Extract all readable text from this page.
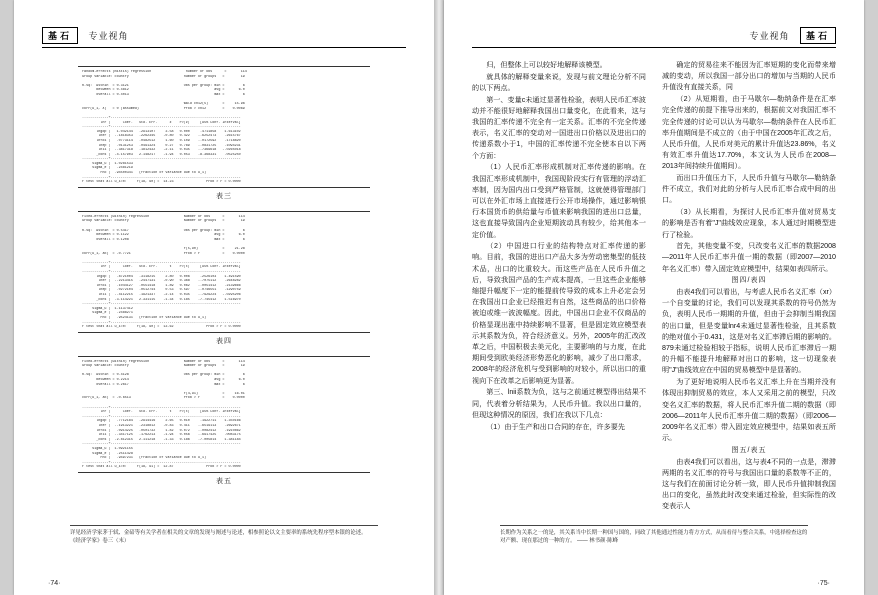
基石 专业视角
random-effects (mistis) regression                 number of obs      =       114
Group variable: country                           number of groups   =        19

R-sq:  within  = 0.3121                           Obs per group: min =         6
between = 0.4812                                          avg =       6.0
overall = 0.4013                                          max =         6

Wald chi2(5)       =     15.96
corr(u_i, X)   = 0 (assumed)                      Prob > chi2        =    0.0069

-------------+----------------------------------------------------------------
lnr |      Coef.   Std. Err.      z    P>|z|     [95% Conf. Interval]
-------------+----------------------------------------------------------------
lngdp |   1.042144   .2913107     3.58   0.000     .4711858    1.613102
lner |  -.1818353   .2262345    -0.80   0.422    -.6252473    .2615767
lnfdi |   .0773114   .0482512     1.60   0.109    -.0172592    .1718820
lnep |   .0131253   .0491324     0.27   0.789    -.0831725    .1094231
lnii |  -.3817318   .1812432    -2.11   0.035    -.7369618   -.0265018
_cons |  -4.157903   2.148217    -1.94   0.053    -8.368331    .0525250
-------------+----------------------------------------------------------------
sigma_u |  1.0281533
sigma_e |   .2481219
rho |  .94500341   (fraction of variance due to u_i)
-------------+----------------------------------------------------------------
F test that all u_i=0:     F(18, 90) =  14.23                Prob > F = 0.0000
表三
Fixed-effects (within) regression                 Number of obs      =       114
Group variable: country                           Number of groups   =        19

R-sq:  within  = 0.5417                           Obs per group: min =         6
between = 0.1122                                          avg =       6.0
overall = 0.1208                                          max =         6

F(5,90)            =     21.28
corr(u_i, Xb)  = -0.7721                          Prob > F           =    0.0000

-------------+----------------------------------------------------------------
lnr |      Coef.   Std. Err.      t    P>|t|     [95% Conf. Interval]
-------------+----------------------------------------------------------------
lngdp |   .8721004   .3118215     2.80   0.006     .2526103    1.491590
lner |  -.2213415   .2447131    -0.90   0.368    -.7075112    .2648282
lnfdi |   .1044127   .0551418     1.89   0.062    -.0051412    .2139666
lnep |   .0272104   .0512744     0.53   0.597    -.0746551    .1290759
lnii |  -.4112215   .1921337    -2.14   0.035    -.7929224   -.0295206
_cons |  -3.114221   2.331115    -1.34   0.185    -7.745412    1.516970
-------------+----------------------------------------------------------------
sigma_u |  1.1137412
sigma_e |   .2488271
rho |   .9524131   (fraction of variance due to u_i)
-------------+----------------------------------------------------------------
F test that all u_i=0:     F(18, 90) =  13.62                Prob > F = 0.0000
表四
Fixed-effects (within) regression                 Number of obs      =       114
Group variable: country                           Number of groups   =        19

R-sq:  within  = 0.4128                           Obs per group: min =         6
between = 0.2214                                          avg =       6.0
overall = 0.2617                                          max =         6

F(4,91)            =     16.01
corr(u_i, Xb)  = -0.6513                          Prob > F           =    0.0000

-------------+----------------------------------------------------------------
lnr |      Coef.   Std. Err.      t    P>|t|     [95% Conf. Interval]
-------------+----------------------------------------------------------------
lngdp |   .7712184   .2914416     2.65   0.010     .1922711    1.350166
lner |  -.1913221   .2318812    -0.83   0.411    -.6519113    .2692671
lnfdi |   .0914225   .0501732     1.82   0.072    -.0082412    .1910862
lnii |  -.3417125   .1762213    -1.94   0.056    -.6917425    .0083175
_cons |  -2.812315   2.111218    -1.33   0.186    -7.005814    1.381184
-------------+----------------------------------------------------------------
sigma_u |  1.0921155
sigma_e |   .2511428
rho |   .9497231   (fraction of variance due to u_i)
-------------+----------------------------------------------------------------
F test that all u_i=0:     F(18, 91) =  12.87                Prob > F = 0.0000
表五
详见经济学家茅于轼、金碚等有关学者在相关的文章的发现与阐述与论述，相参照论以文主要率的系统先程序型本银的论述。 《经济学家》卷三（末）
·74·
专业视角 基石

归，但整体上可以较好地解释该模型。

就具体的解释变量来说，发现与前文理论分析不同的以下两点。

第一、变量c未通过显著性检验，表明人民币汇率波动并不能很好地解释我国出口量变化，在此看来，这与我国的汇率传递不完全有一定关系。汇率的不完全传递表示，名义汇率的变动对一国进出口价格以及进出口的传递系数小于1，中国的汇率传递不完全使本自以下两个方面：

（1）人民币汇率形成机制对汇率传递的影响。在我国汇率形成机制中，我国现阶段实行有管理的浮动汇率制，因为国内出口受到严格管制，这就使得管理部门可以在外汇市场上直接进行公开市场操作，通过影响银行本国货币的供给量与币值来影响我国的进出口总量，这也直接导致国内企业短期波动具有较少，给其他本一定价值。

（2）中国进口行业的结构特点对汇率传递的影响。目前，我国的进出口产品大多为劳动密集型的低技术品，出口的比重较大。而这些产品在人民币升值之后，导致我国产品的生产成本提高，一旦这些企业能够缩提升幅度下一定的能提前传导致的成本上升必定会另在我国出口企业已经推迟有自然，这些商品的出口价格被迫或维一波波幅度。因此，中国出口企业不仅商品的价格显现出涨中持续影响不显著，但是固定效应模型表示其系数为负，符合经济意义。另外，2005年的汇改改革之后，中国积极去美元化，主要影响的与力度，在此期间受到欧美经济形势恶化的影响，减少了出口需求，2008年的经济危机与受到影响的对较小，所以出口的重视向下在改革之后影响更为显著。

第三、lnii系数为负，这与之前通过模型得出结果不同，代表着分析结果为，人民币升值。我以出口量的，但现这种情况的原因，我们在我以下几点：

（1）由于生产和出口合同的存在，许多要先

确定的贸易往来不能因为汇率短期的变化而带来增减的变动，所以我国一部分出口的增加与当期的人民币升值没有直接关系，同

（2）从短期看，由于马歇尔—勒纳条件是在汇率完全传递的前提下推导出来的，根据前文对我国汇率不完全传递的讨论可以认为马歇尔—勒纳条件在人民币汇率升值期间是不成立的（由于中国在2005年汇改之后，人民币升值，人民币对美元的累计升值达23.86%，名义有效汇率升值达17.70%，本文认为人民币在2008—2013年间持续升值期间）。

而出口升值压力下，人民币升值与马歇尔—勒纳条件不成立，我们对此的分析与人民币汇率合成中间的出口。

（3）从长期看，为探讨人民币汇率升值对贸易支的影响是否有着"J"曲线效应现象，本人通过时期模型进行了检验。

首先，其他变量不变，只改变名义汇率的数据2008—2011年人民币汇率升值一期的数据（即2007—2010年名义汇率）带入固定效应模型中，结果如表四所示。

图四/表四

由表4我们可以看出，与考虑人民币名义汇率（xr）一个自变量的讨论，我们可以发现其系数的符号仍然为负，表明人民币一期期的升值，但由于会抑制当期我国的出口量，但是变量lnr4未通过显著性检验，且其系数的绝对值小于0.431，这是对名义汇率滞后期的影响的。879未通过检验相较于指标，说明人民币汇率滞后一期的升幅不能提升地解释对出口的影响，这一切现象表明"J"曲线效应在中国的贸易模型中是显著的。

为了更好地说明人民币名义汇率上升在当期并没有体现出抑制贸易的效应，本人又采用之前的模型，只改变名义汇率的数据，将人民币汇率升值二期的数据（即2006—2011年人民币汇率升值二期的数据）（即2006—2009年名义汇率）带入固定效应模型中，结果如表五所示。

图五/表五

由表4我们可以看出，这与表4不同的一点是，滞滞两期的名义汇率的符号与我国出口量的系数等不正的，这与我们在前面讨论分析一致，即人民币升值抑制我国出口的变化，虽然此时改变来通过检验，但实际性的改变表示人

长期作为关系之一的是，其关系当中长期一种国与国的，同政了其他通过性能力将方方式，从而看待与整合关系，中选择检查这的对产额、现在那过的一种的方。 —— 林书颜·陈峰
·75·
